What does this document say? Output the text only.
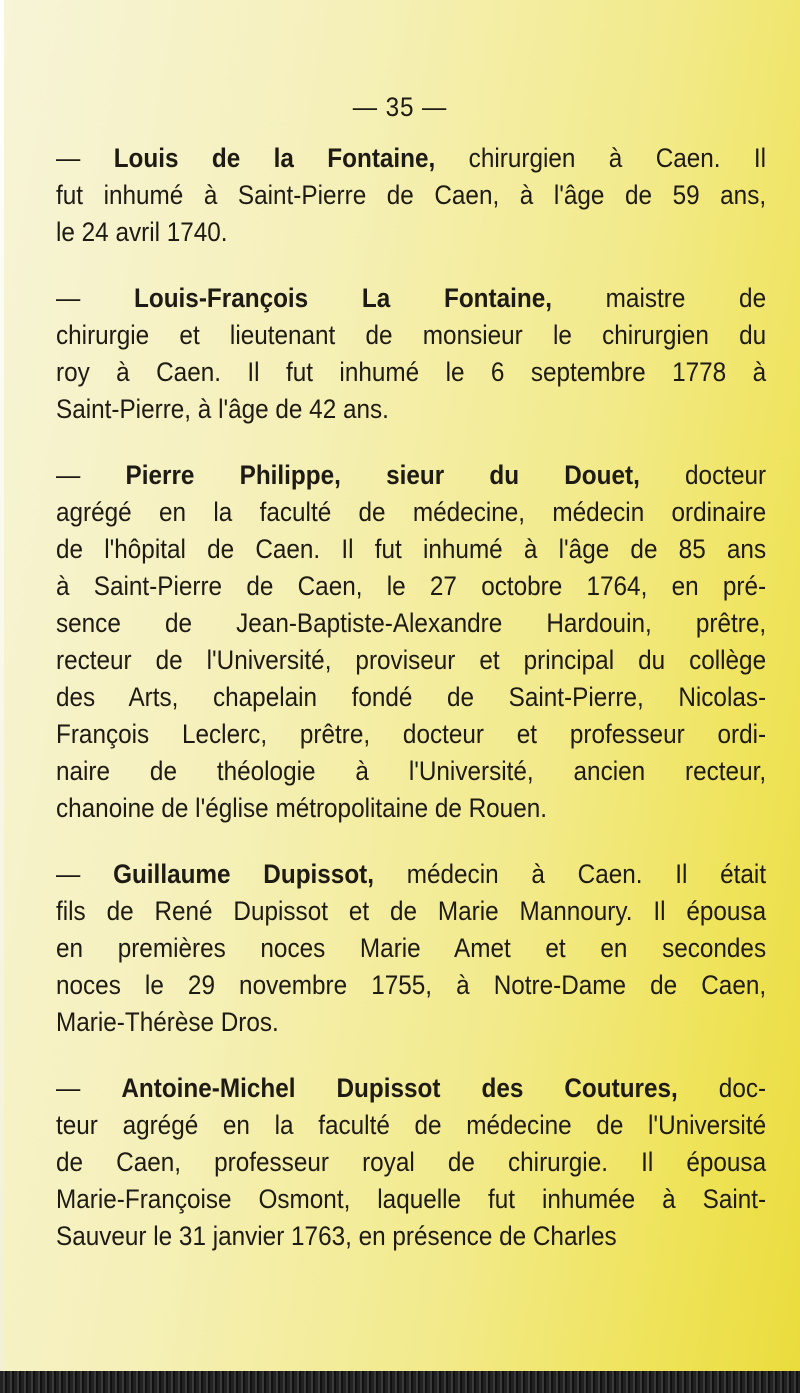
— 35 —
— Louis de la Fontaine, chirurgien à Caen. Il
fut inhumé à Saint-Pierre de Caen, à l'âge de 59 ans,
le 24 avril 1740.
— Louis-François La Fontaine, maistre de
chirurgie et lieutenant de monsieur le chirurgien du
roy à Caen. Il fut inhumé le 6 septembre 1778 à
Saint-Pierre, à l'âge de 42 ans.
— Pierre Philippe, sieur du Douet, docteur
agrégé en la faculté de médecine, médecin ordinaire
de l'hôpital de Caen. Il fut inhumé à l'âge de 85 ans
à Saint-Pierre de Caen, le 27 octobre 1764, en pré-
sence de Jean-Baptiste-Alexandre Hardouin, prêtre,
recteur de l'Université, proviseur et principal du collège
des Arts, chapelain fondé de Saint-Pierre, Nicolas-
François Leclerc, prêtre, docteur et professeur ordi-
naire de théologie à l'Université, ancien recteur,
chanoine de l'église métropolitaine de Rouen.
— Guillaume Dupissot, médecin à Caen. Il était
fils de René Dupissot et de Marie Mannoury. Il épousa
en premières noces Marie Amet et en secondes
noces le 29 novembre 1755, à Notre-Dame de Caen,
Marie-Thérèse Dros.
— Antoine-Michel Dupissot des Coutures, doc-
teur agrégé en la faculté de médecine de l'Université
de Caen, professeur royal de chirurgie. Il épousa
Marie-Françoise Osmont, laquelle fut inhumée à Saint-
Sauveur le 31 janvier 1763, en présence de Charles
